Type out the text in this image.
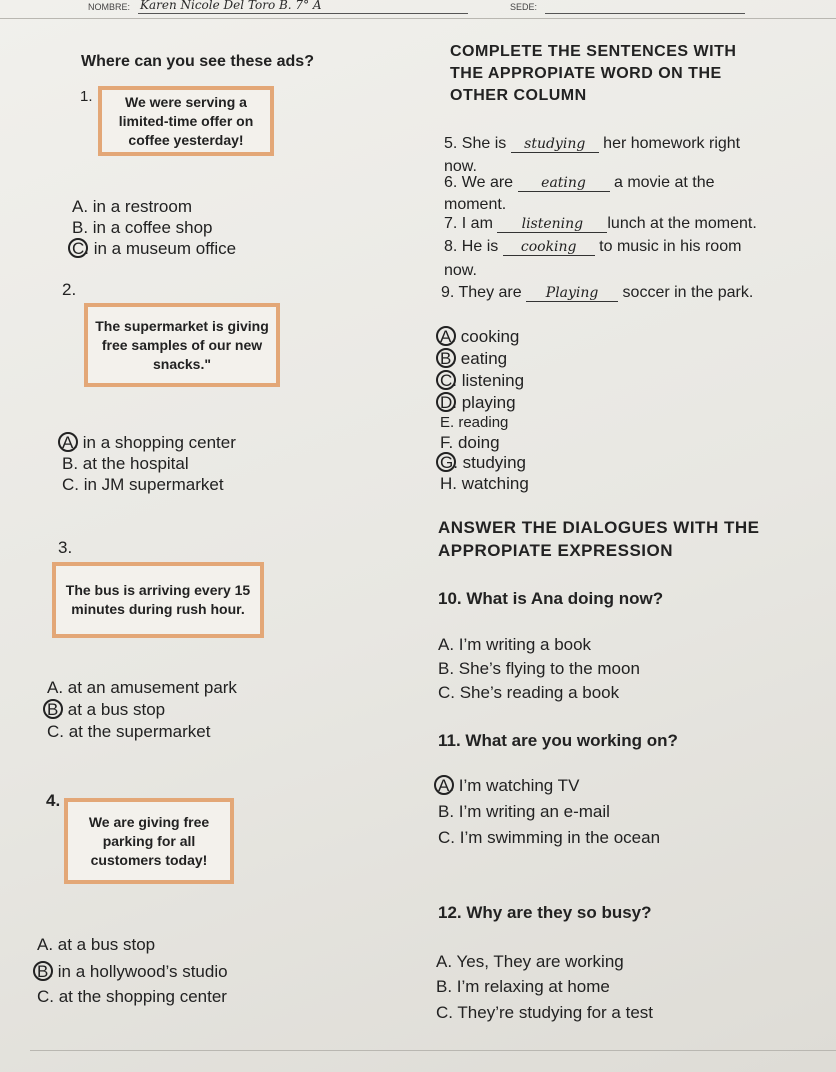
NOMBRE: Karen Nicole Del Toro B. 7° A	SEDE:
Where can you see these ads?
1.	We were serving a limited-time offer on coffee yesterday!
A. in a restroom
B. in a coffee shop
C. in a museum office
2.
The supermarket is giving free samples of our new snacks."
A. in a shopping center
B. at the hospital
C. in JM supermarket
3.
The bus is arriving every 15 minutes during rush hour.
A. at an amusement park
B. at a bus stop
C. at the supermarket
4.
We are giving free parking for all customers today!
A. at a bus stop
B. in a hollywood’s studio
C. at the shopping center
COMPLETE THE SENTENCES WITH
THE APPROPIATE WORD ON THE
OTHER COLUMN
5. She is studying her homework right
now.
6. We are eating a movie at the
moment.
7. I am listening lunch at the moment.
8. He is cooking to music in his room
now.
9. They are Playing soccer in the park.
A. cooking
B. eating
C. listening
D. playing
E. reading
F. doing
G. studying
H. watching
ANSWER THE DIALOGUES WITH THE
APPROPIATE EXPRESSION
10. What is Ana doing now?
A. I’m writing a book
B. She’s flying to the moon
C. She’s reading a book
11. What are you working on?
A. I’m watching TV
B. I’m writing an e-mail
C. I’m swimming in the ocean
12. Why are they so busy?
A. Yes, They are working
B. I’m relaxing at home
C. They’re studying for a test
